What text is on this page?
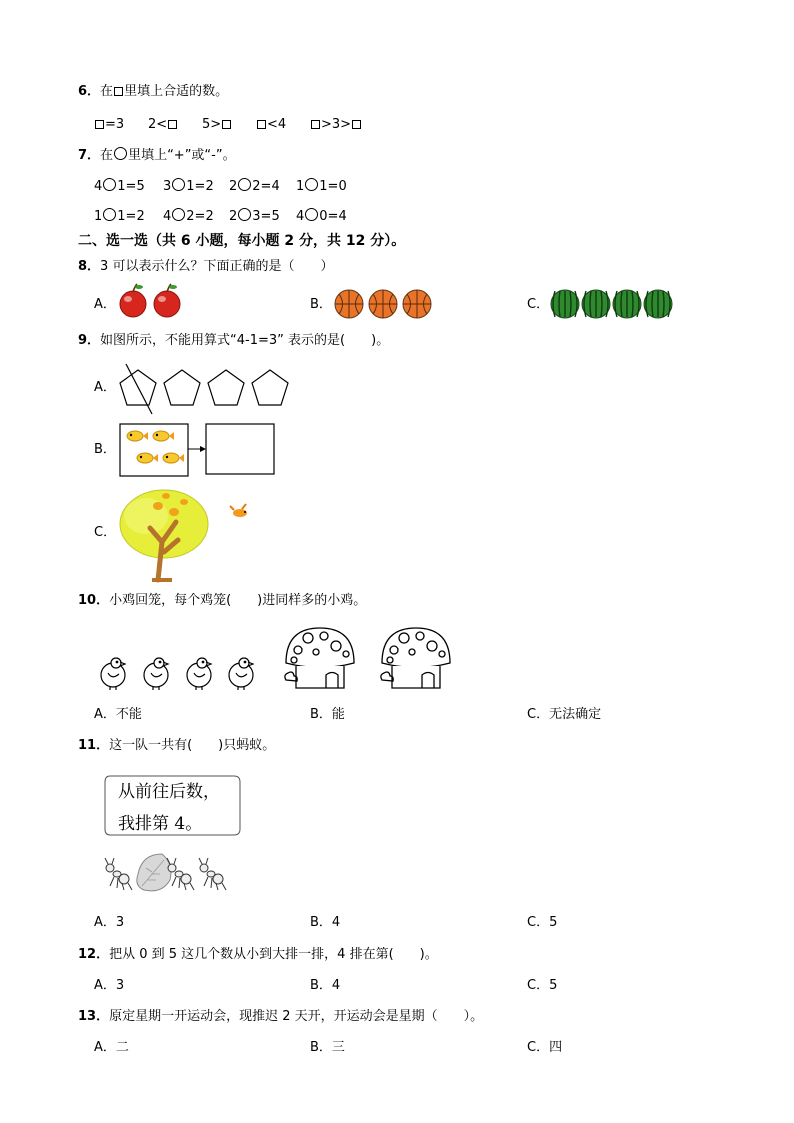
6．在 里填上合适的数。
=3 2<	5>	<4	>3>
7．在 里填上“+”或“-”。
4 1=5 3 1=2 2 2=4 1 1=0
1 1=2 4 2=2 2 3=5 4 0=4
二、选一选（共 6 小题，每小题 2 分，共 12 分）。
8．3 可以表示什么？下面正确的是（　　）
A．	B．	C．
9．如图所示，不能用算式“4-1=3” 表示的是(　　)。
A．
B．
C．
10．小鸡回笼，每个鸡笼(　　)进同样多的小鸡。
A．不能	B．能	C．无法确定
11．这一队一共有(　　)只蚂蚁。
从前往后数，
我排第 4。
A．3	B．4	C．5
12．把从 0 到 5 这几个数从小到大排一排，4 排在第(　　)。
A．3	B．4	C．5
13．原定星期一开运动会，现推迟 2 天开，开运动会是星期（　　）。
A．二	B．三	C．四
